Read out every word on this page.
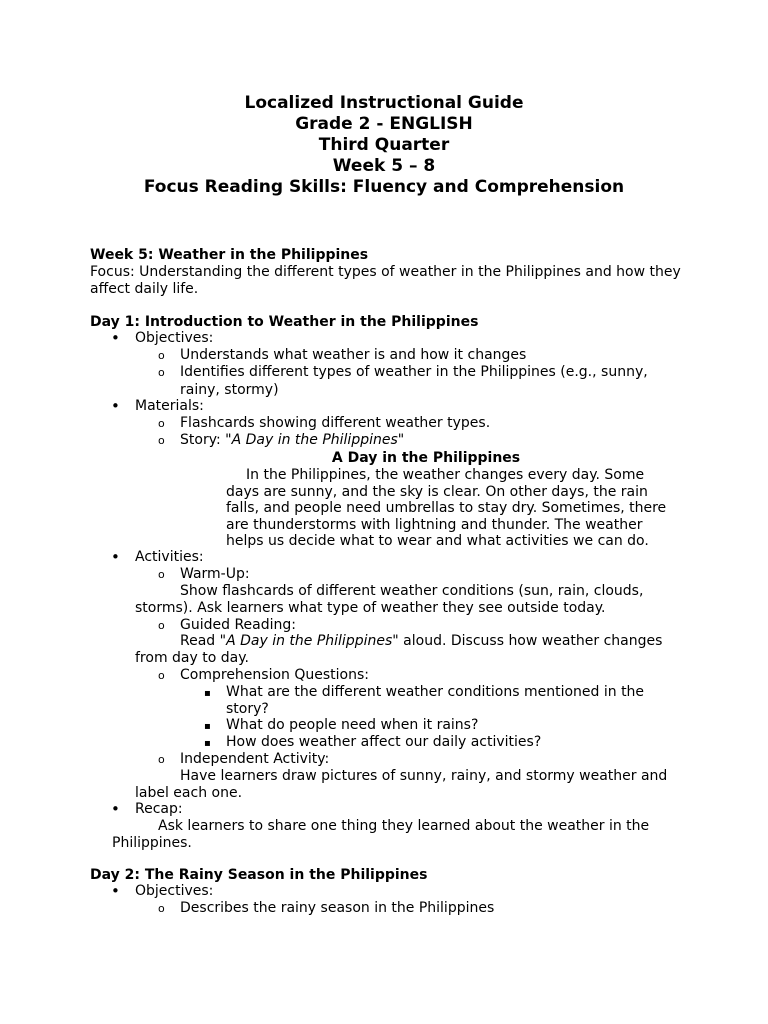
Localized Instructional Guide
Grade 2 - ENGLISH
Third Quarter
Week 5 – 8
Focus Reading Skills: Fluency and Comprehension
Week 5: Weather in the Philippines
Focus: Understanding the different types of weather in the Philippines and how they
affect daily life.
Day 1: Introduction to Weather in the Philippines
• Objectives:
o Understands what weather is and how it changes
o Identifies different types of weather in the Philippines (e.g., sunny,
rainy, stormy)
• Materials:
o Flashcards showing different weather types.
o Story: "A Day in the Philippines"
A Day in the Philippines
In the Philippines, the weather changes every day. Some
days are sunny, and the sky is clear. On other days, the rain
falls, and people need umbrellas to stay dry. Sometimes, there
are thunderstorms with lightning and thunder. The weather
helps us decide what to wear and what activities we can do.
• Activities:
o Warm-Up:
Show flashcards of different weather conditions (sun, rain, clouds,
storms). Ask learners what type of weather they see outside today.
o Guided Reading:
Read "A Day in the Philippines" aloud. Discuss how weather changes
from day to day.
o Comprehension Questions:
▪ What are the different weather conditions mentioned in the
story?
▪ What do people need when it rains?
▪ How does weather affect our daily activities?
o Independent Activity:
Have learners draw pictures of sunny, rainy, and stormy weather and
label each one.
• Recap:
Ask learners to share one thing they learned about the weather in the
Philippines.
Day 2: The Rainy Season in the Philippines
• Objectives:
o Describes the rainy season in the Philippines
